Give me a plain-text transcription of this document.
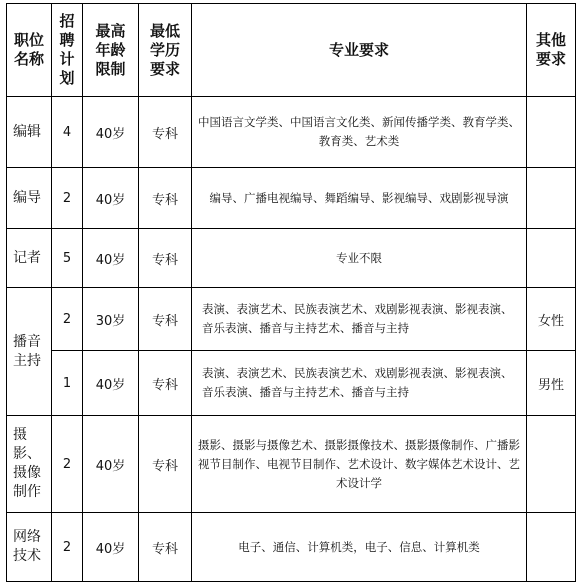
职位名称	招聘计划	最高年龄限制	最低学历要求	专业要求	其他要求
编辑	4	40岁	专科	中国语言文学类、中国语言文化类、新闻传播学类、教育学类、教育类、艺术类	
编导	2	40岁	专科	编导、广播电视编导、舞蹈编导、影视编导、戏剧影视导演	
记者	5	40岁	专科	专业不限	
播音主持	2	30岁	专科	表演、表演艺术、民族表演艺术、戏剧影视表演、影视表演、音乐表演、播音与主持艺术、播音与主持	女性
	1	40岁	专科	表演、表演艺术、民族表演艺术、戏剧影视表演、影视表演、音乐表演、播音与主持艺术、播音与主持	男性
摄影、摄像制作	2	40岁	专科	摄影、摄影与摄像艺术、摄影摄像技术、摄影摄像制作、广播影视节目制作、电视节目制作、艺术设计、数字媒体艺术设计、艺术设计学	
网络技术	2	40岁	专科	电子、通信、计算机类，电子、信息、计算机类	
